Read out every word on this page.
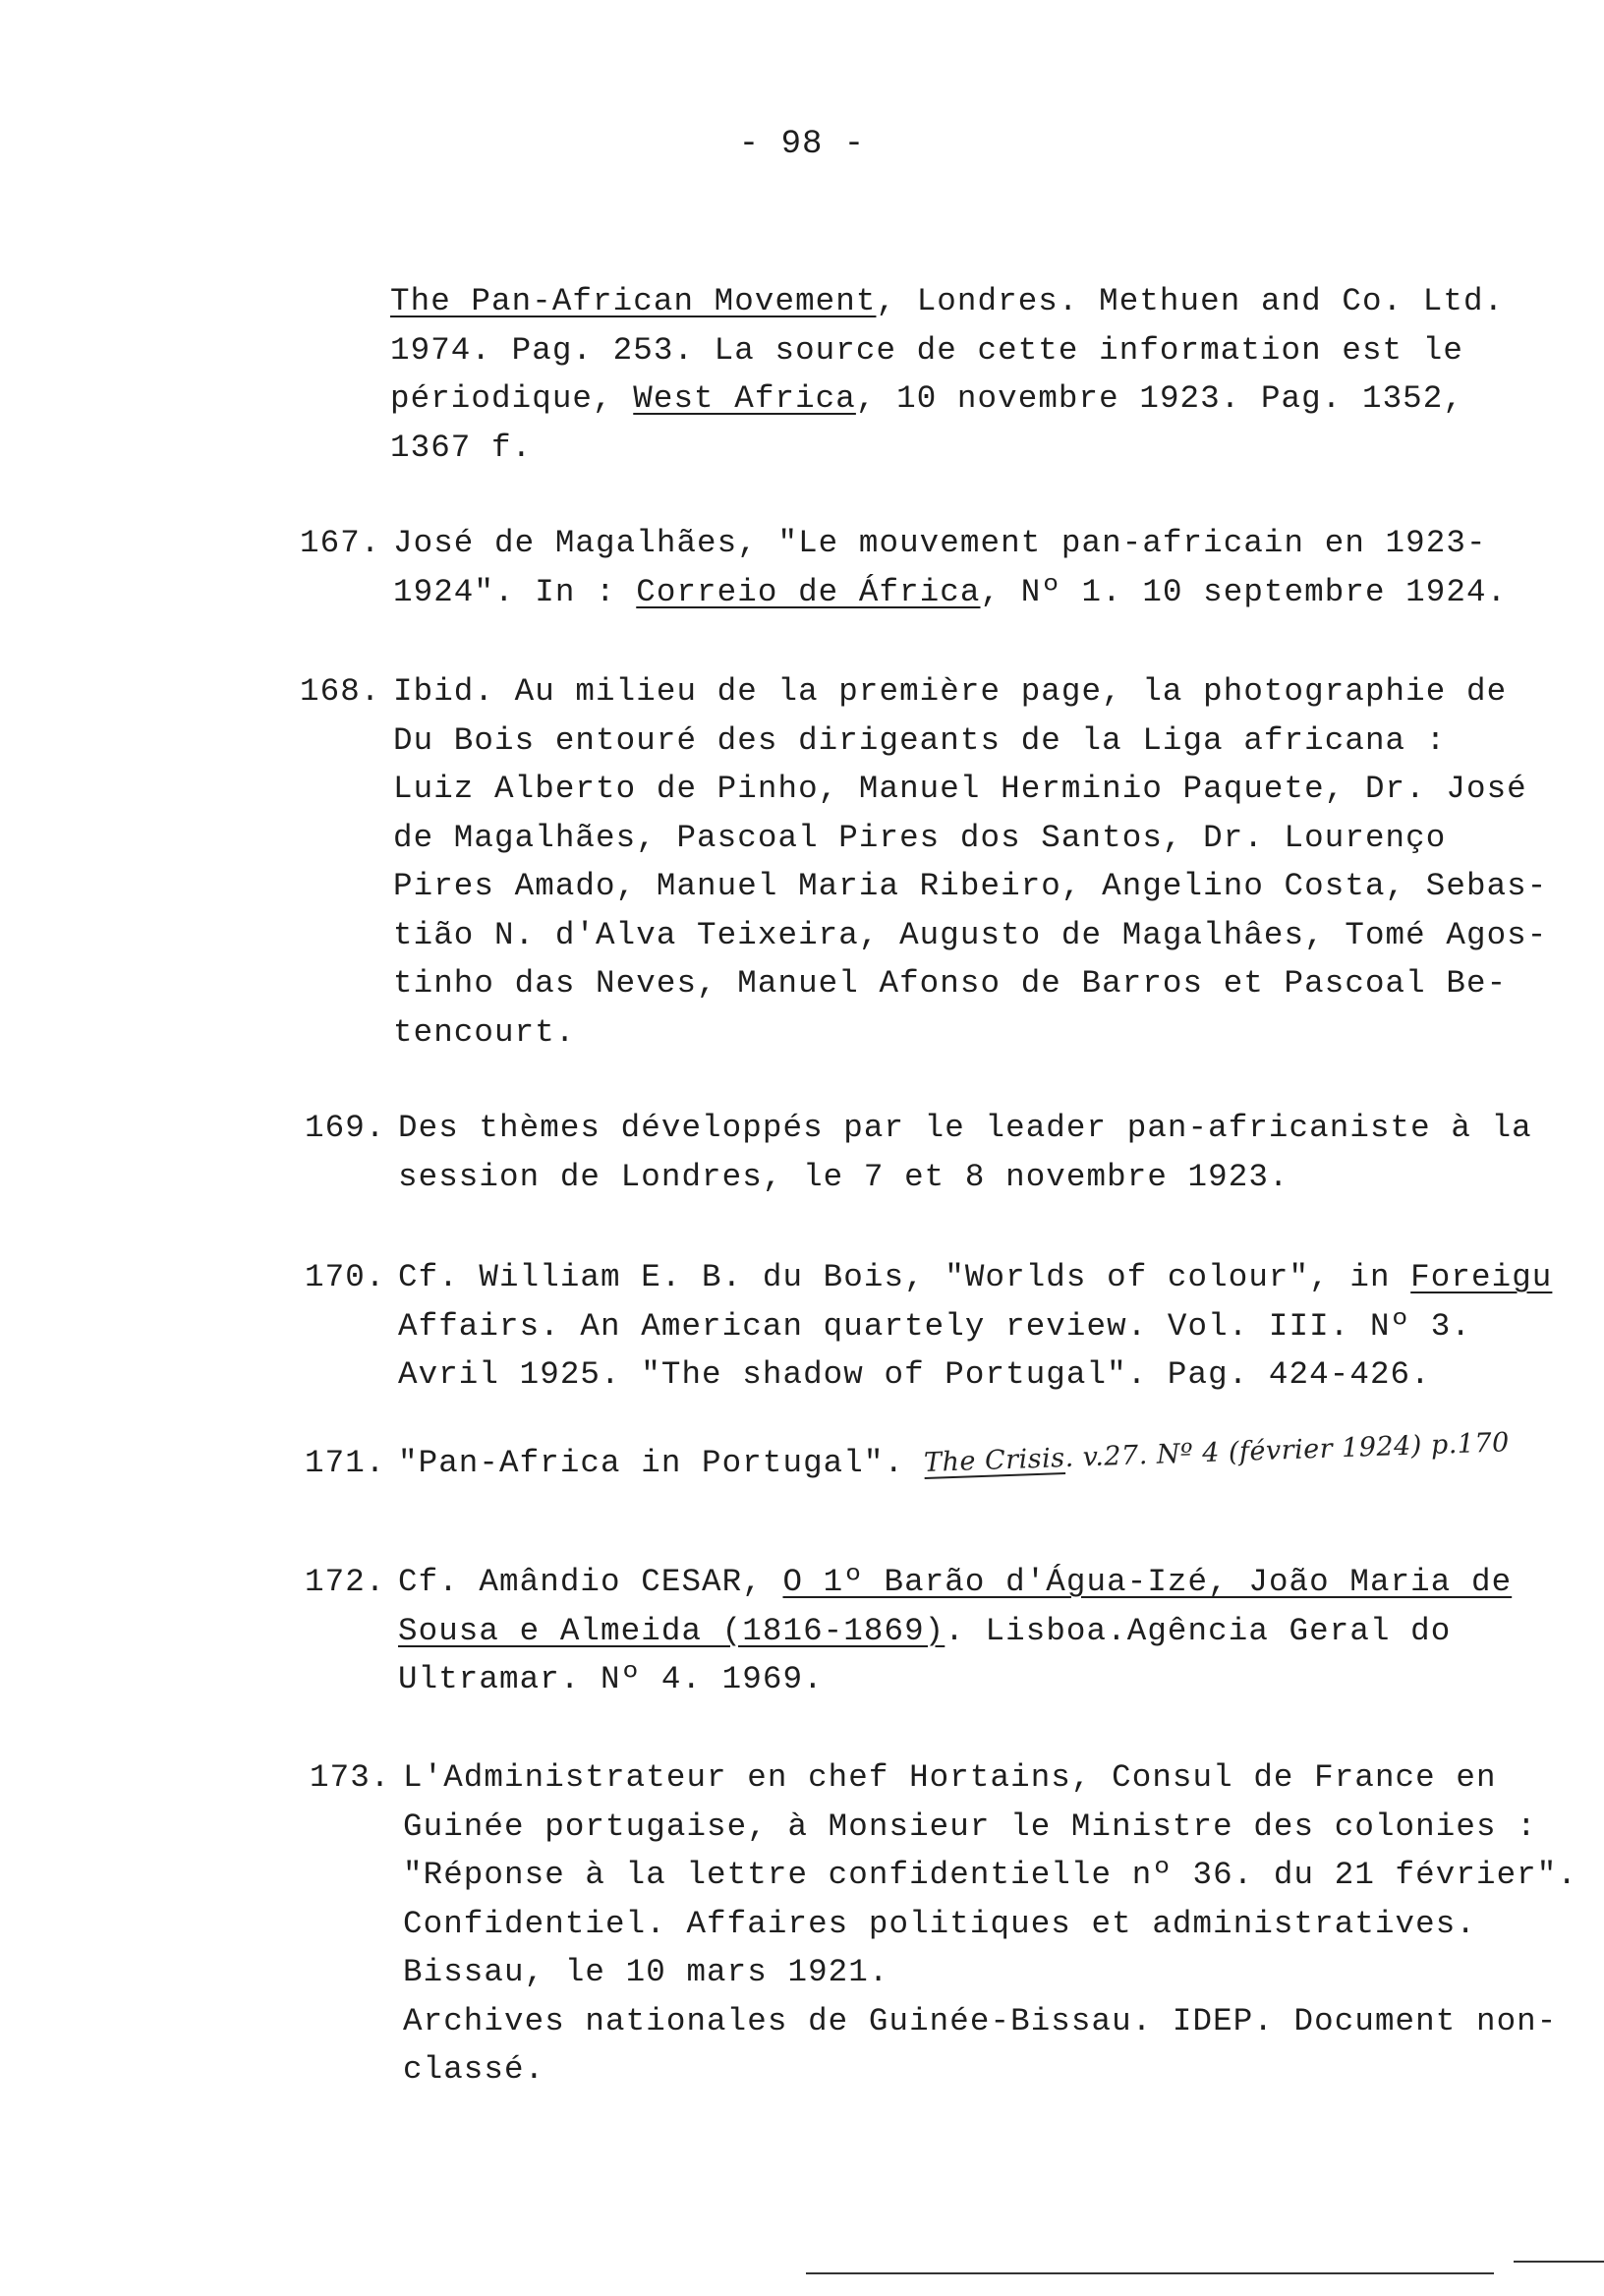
- 98 -
The Pan-African Movement, Londres. Methuen and Co. Ltd.
1974. Pag. 253. La source de cette information est le
périodique, West Africa, 10 novembre 1923. Pag. 1352,
1367 f.
167. José de Magalhães, "Le mouvement pan-africain en 1923-
1924". In : Correio de África, Nº 1. 10 septembre 1924.
168. Ibid. Au milieu de la première page, la photographie de
Du Bois entouré des dirigeants de la Liga africana :
Luiz Alberto de Pinho, Manuel Herminio Paquete, Dr. José
de Magalhães, Pascoal Pires dos Santos, Dr. Lourenço
Pires Amado, Manuel Maria Ribeiro, Angelino Costa, Sebas-
tião N. d'Alva Teixeira, Augusto de Magalhâes, Tomé Agos-
tinho das Neves, Manuel Afonso de Barros et Pascoal Be-
tencourt.
169. Des thèmes développés par le leader pan-africaniste à la
session de Londres, le 7 et 8 novembre 1923.
170. Cf. William E. B. du Bois, "Worlds of colour", in Foreigu
Affairs. An American quartely review. Vol. III. Nº 3.
Avril 1925. "The shadow of Portugal". Pag. 424-426.
171. "Pan-Africa in Portugal". The Crisis. v.27. Nº 4 (février 1924) p.170
172. Cf. Amândio CESAR, O 1º Barão d'Água-Izé, João Maria de
Sousa e Almeida (1816-1869). Lisboa.Agência Geral do
Ultramar. Nº 4. 1969.
173. L'Administrateur en chef Hortains, Consul de France en
Guinée portugaise, à Monsieur le Ministre des colonies :
"Réponse à la lettre confidentielle nº 36. du 21 février".
Confidentiel. Affaires politiques et administratives.
Bissau, le 10 mars 1921.
Archives nationales de Guinée-Bissau. IDEP. Document non-
classé.
